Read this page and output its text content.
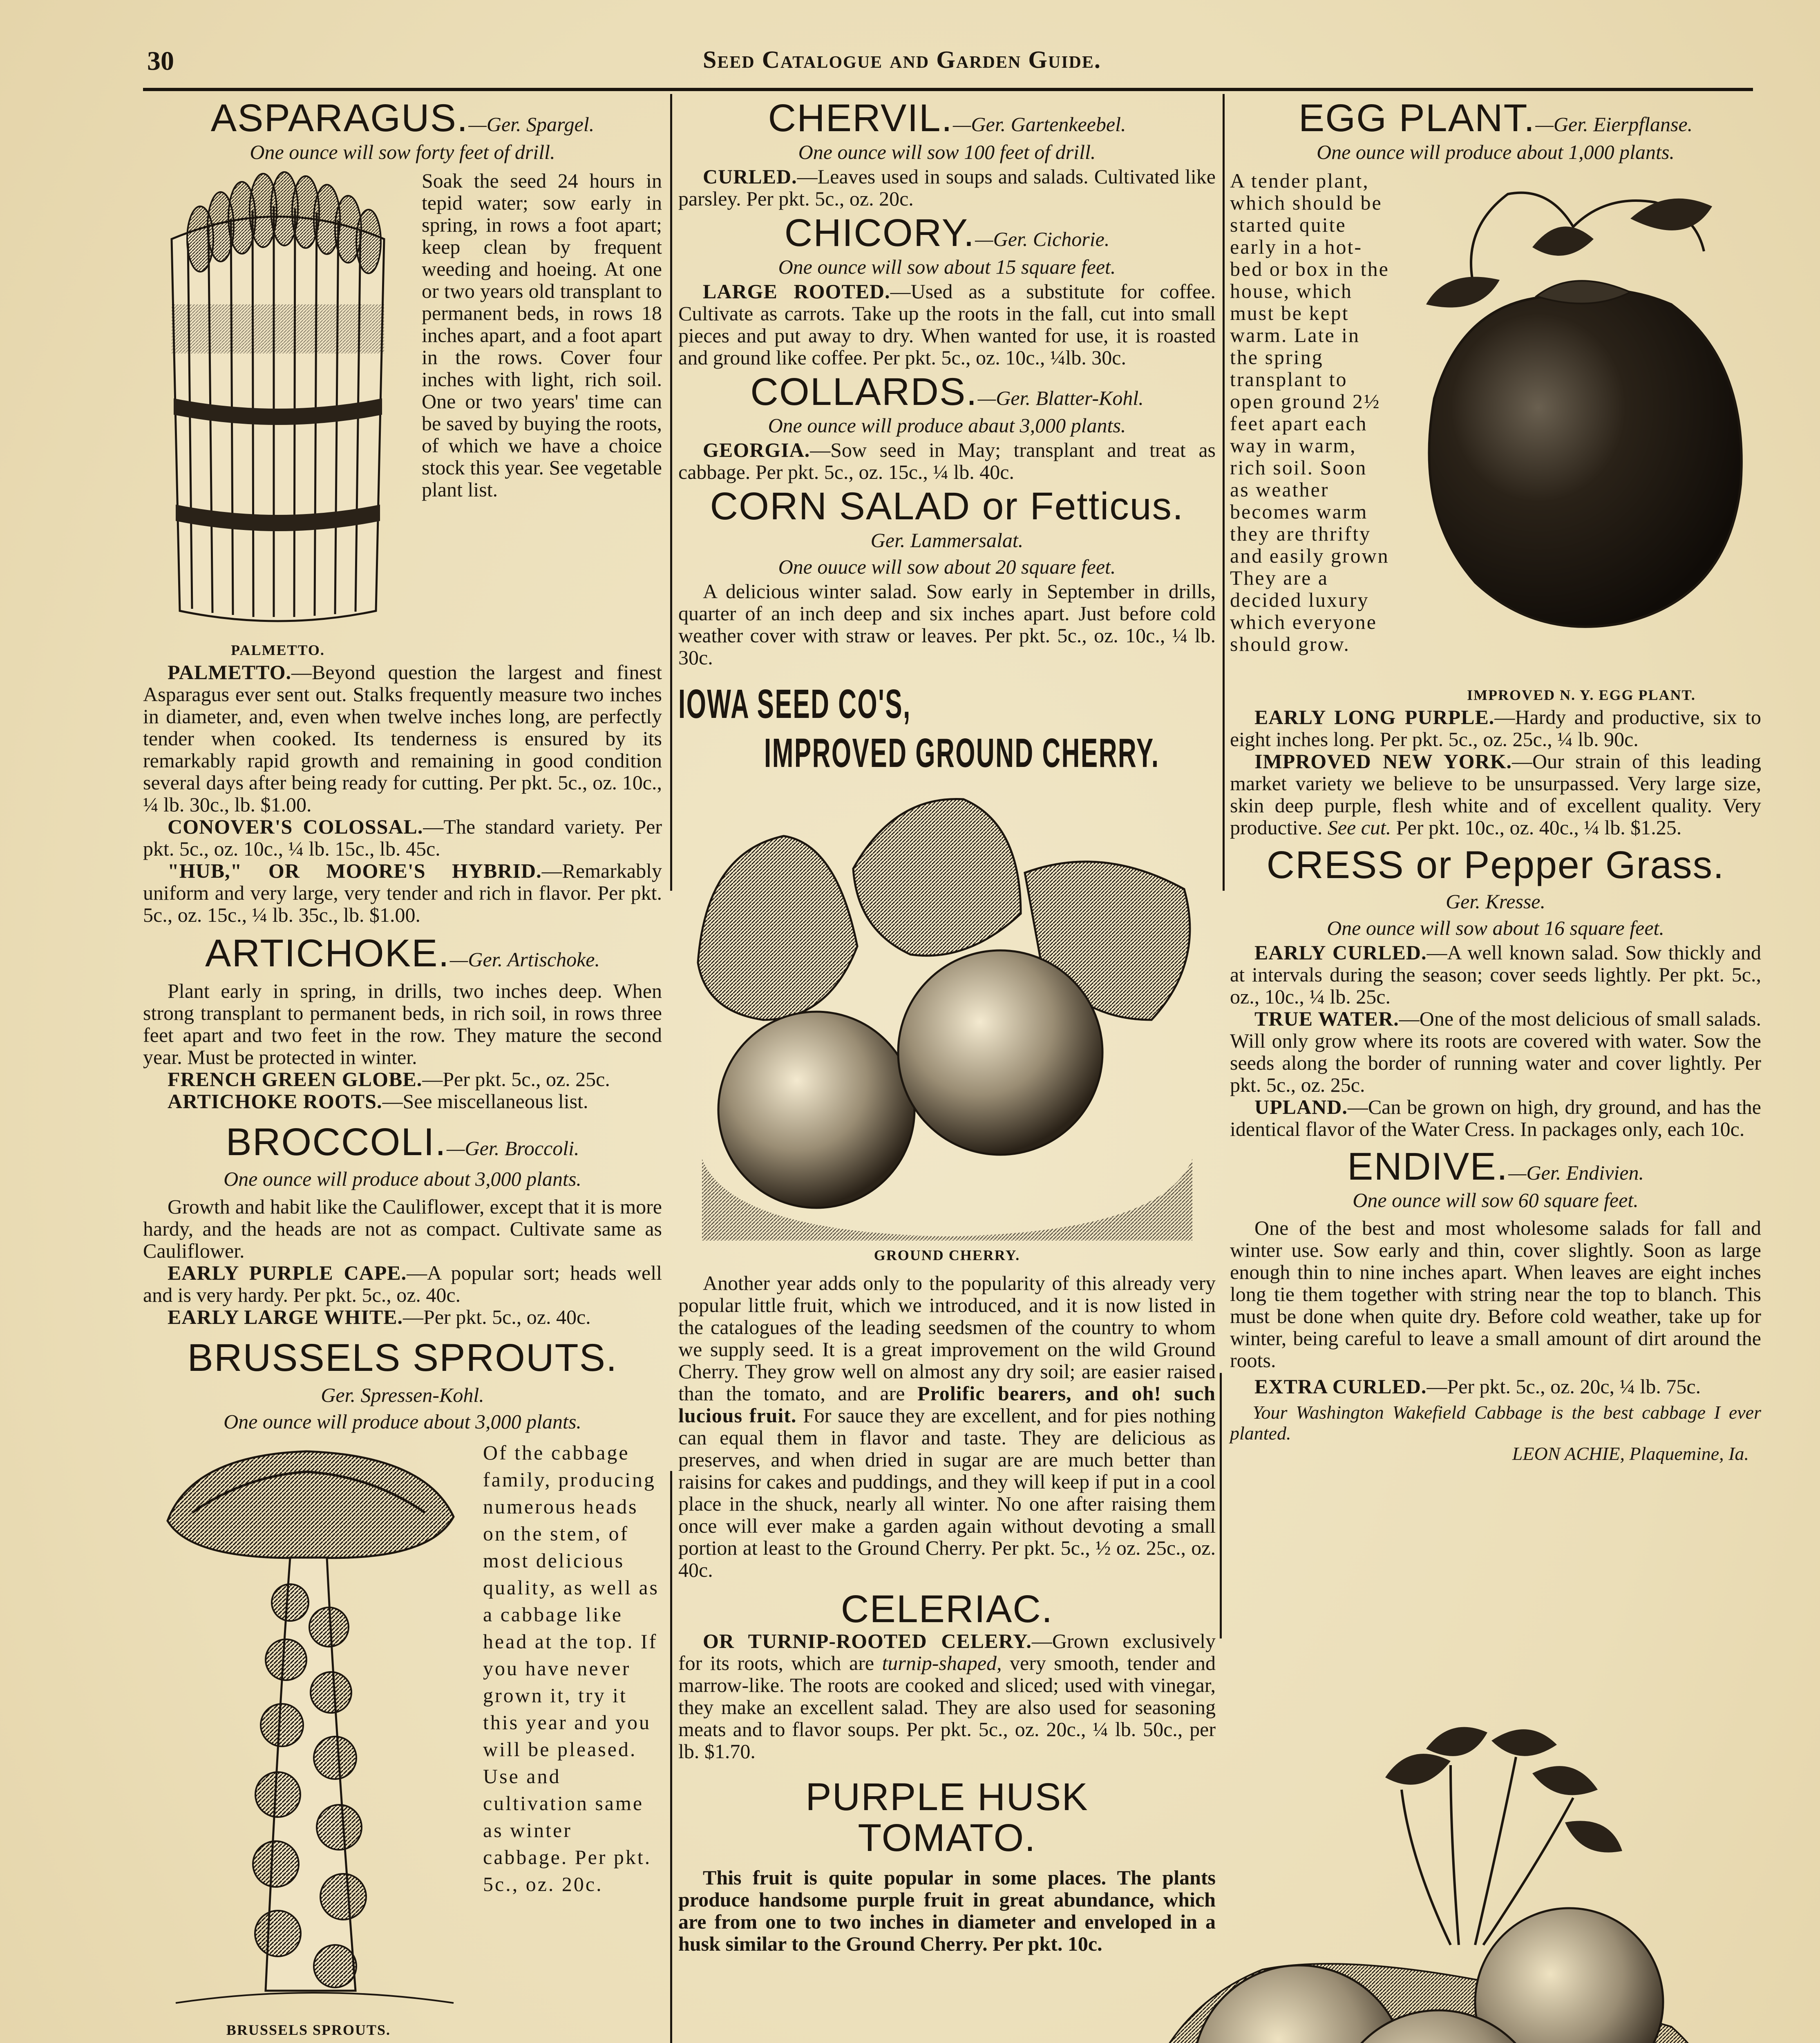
30	Seed Catalogue and Garden Guide.
ASPARAGUS.—Ger. Spargel.
One ounce will sow forty feet of drill.
PALMETTO.

Soak the seed 24 hours in tepid water; sow early in spring, in rows a foot apart; keep clean by frequent weeding and hoeing. At one or two years old transplant to permanent beds, in rows 18 inches apart, and a foot apart in the rows. Cover four inches with light, rich soil. One or two years' time can be saved by buying the roots, of which we have a choice stock this year. See vegetable plant list.

PALMETTO.—Beyond question the largest and finest Asparagus ever sent out. Stalks frequently measure two inches in diameter, and, even when twelve inches long, are perfectly tender when cooked. Its tenderness is ensured by its remarkably rapid growth and remaining in good condition several days after being ready for cutting. Per pkt. 5c., oz. 10c., ¼ lb. 30c., lb. $1.00.

CONOVER'S COLOSSAL.—The standard variety. Per pkt. 5c., oz. 10c., ¼ lb. 15c., lb. 45c.

"HUB," OR MOORE'S HYBRID.—Remarkably uniform and very large, very tender and rich in flavor. Per pkt. 5c., oz. 15c., ¼ lb. 35c., lb. $1.00.

ARTICHOKE.—Ger. Artischoke.

Plant early in spring, in drills, two inches deep. When strong transplant to permanent beds, in rich soil, in rows three feet apart and two feet in the row. They mature the second year. Must be protected in winter.

FRENCH GREEN GLOBE.—Per pkt. 5c., oz. 25c.

ARTICHOKE ROOTS.—See miscellaneous list.

BROCCOLI.—Ger. Broccoli.
One ounce will produce about 3,000 plants.

Growth and habit like the Cauliflower, except that it is more hardy, and the heads are not as compact. Cultivate same as Cauliflower.

EARLY PURPLE CAPE.—A popular sort; heads well and is very hardy. Per pkt. 5c., oz. 40c.

EARLY LARGE WHITE.—Per pkt. 5c., oz. 40c.

BRUSSELS SPROUTS.
Ger. Spressen-Kohl.
One ounce will produce about 3,000 plants.
BRUSSELS SPROUTS.

Of the cabbage family, producing numerous heads on the stem, of most delicious quality, as well as a cabbage like head at the top. If you have never grown it, try it this year and you will be pleased. Use and cultivation same as winter cabbage. Per pkt. 5c., oz. 20c.

CHERVIL.—Ger. Gartenkeebel.
One ounce will sow 100 feet of drill.

CURLED.—Leaves used in soups and salads. Cultivated like parsley. Per pkt. 5c., oz. 20c.

CHICORY.—Ger. Cichorie.
One ounce will sow about 15 square feet.

LARGE ROOTED.—Used as a substitute for coffee. Cultivate as carrots. Take up the roots in the fall, cut into small pieces and put away to dry. When wanted for use, it is roasted and ground like coffee. Per pkt. 5c., oz. 10c., ¼lb. 30c.

COLLARDS.—Ger. Blatter-Kohl.
One ounce will produce abaut 3,000 plants.

GEORGIA.—Sow seed in May; transplant and treat as cabbage. Per pkt. 5c., oz. 15c., ¼ lb. 40c.

CORN SALAD or Fetticus.
Ger. Lammersalat.
One ouuce will sow about 20 square feet.

A delicious winter salad. Sow early in September in drills, quarter of an inch deep and six inches apart. Just before cold weather cover with straw or leaves. Per pkt. 5c., oz. 10c., ¼ lb. 30c.

IOWA SEED CO'S,
IMPROVED GROUND CHERRY.
GROUND CHERRY.

Another year adds only to the popularity of this already very popular little fruit, which we introduced, and it is now listed in the catalogues of the leading seedsmen of the country to whom we supply seed. It is a great improvement on the wild Ground Cherry. They grow well on almost any dry soil; are easier raised than the tomato, and are Prolific bearers, and oh! such lucious fruit. For sauce they are excellent, and for pies nothing can equal them in flavor and taste. They are delicious as preserves, and when dried in sugar are are much better than raisins for cakes and puddings, and they will keep if put in a cool place in the shuck, nearly all winter. No one after raising them once will ever make a garden again without devoting a small portion at least to the Ground Cherry. Per pkt. 5c., ½ oz. 25c., oz. 40c.

CELERIAC.

OR TURNIP-ROOTED CELERY.—Grown exclusively for its roots, which are turnip-shaped, very smooth, tender and marrow-like. The roots are cooked and sliced; used with vinegar, they make an excellent salad. They are also used for seasoning meats and to flavor soups. Per pkt. 5c., oz. 20c., ¼ lb. 50c., per lb. $1.70.

PURPLE HUSK
TOMATO.

This fruit is quite popular in some places. The plants produce handsome purple fruit in great abundance, which are from one to two inches in diameter and enveloped in a husk similar to the Ground Cherry. Per pkt. 10c.

EGG PLANT.—Ger. Eierpflanse.
One ounce will produce about 1,000 plants.
IMPROVED N. Y. EGG PLANT.

A tender plant, which should be started quite early in a hot-bed or box in the house, which must be kept warm. Late in the spring transplant to open ground 2½ feet apart each way in warm, rich soil. Soon as weather becomes warm they are thrifty and easily grown They are a decided luxury which everyone should grow.

EARLY LONG PURPLE.—Hardy and productive, six to eight inches long. Per pkt. 5c., oz. 25c., ¼ lb. 90c.

IMPROVED NEW YORK.—Our strain of this leading market variety we believe to be unsurpassed. Very large size, skin deep purple, flesh white and of excellent quality. Very productive. See cut. Per pkt. 10c., oz. 40c., ¼ lb. $1.25.

CRESS or Pepper Grass.
Ger. Kresse.
One ounce will sow about 16 square feet.

EARLY CURLED.—A well known salad. Sow thickly and at intervals during the season; cover seeds lightly. Per pkt. 5c., oz., 10c., ¼ lb. 25c.

TRUE WATER.—One of the most delicious of small salads. Will only grow where its roots are covered with water. Sow the seeds along the border of running water and cover lightly. Per pkt. 5c., oz. 25c.

UPLAND.—Can be grown on high, dry ground, and has the identical flavor of the Water Cress. In packages only, each 10c.

ENDIVE.—Ger. Endivien.
One ounce will sow 60 square feet.

One of the best and most wholesome salads for fall and winter use. Sow early and thin, cover slightly. Soon as large enough thin to nine inches apart. When leaves are eight inches long tie them together with string near the top to blanch. This must be done when quite dry. Before cold weather, take up for winter, being careful to leave a small amount of dirt around the roots.

EXTRA CURLED.—Per pkt. 5c., oz. 20c, ¼ lb. 75c.

Your Washington Wakefield Cabbage is the best cabbage I ever planted.

LEON ACHIE, Plaquemine, Ia.
